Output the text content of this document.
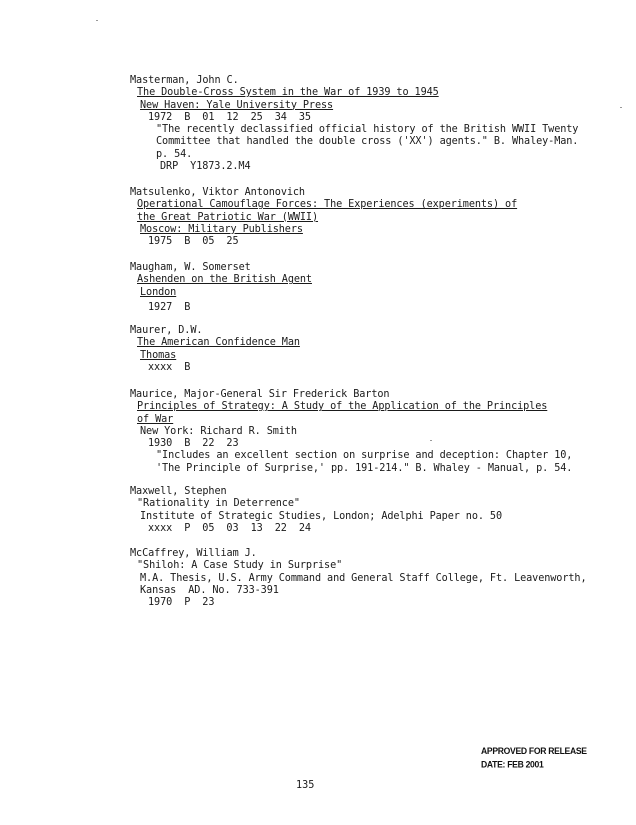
Masterman, John C.
The Double-Cross System in the War of 1939 to 1945
New Haven: Yale University Press
1972  B  01  12  25  34  35
"The recently declassified official history of the British WWII Twenty
Committee that handled the double cross ('XX') agents." B. Whaley-Man.
p. 54.
DRP  Y1873.2.M4
Matsulenko, Viktor Antonovich
Operational Camouflage Forces: The Experiences (experiments) of
the Great Patriotic War (WWII)
Moscow: Military Publishers
1975  B  05  25
Maugham, W. Somerset
Ashenden on the British Agent
London
1927  B
Maurer, D.W.
The American Confidence Man
Thomas
xxxx  B
Maurice, Major-General Sir Frederick Barton
Principles of Strategy: A Study of the Application of the Principles
of War
New York: Richard R. Smith
1930  B  22  23
"Includes an excellent section on surprise and deception: Chapter 10,
'The Principle of Surprise,' pp. 191-214." B. Whaley - Manual, p. 54.
Maxwell, Stephen
"Rationality in Deterrence"
Institute of Strategic Studies, London; Adelphi Paper no. 50
xxxx  P  05  03  13  22  24
McCaffrey, William J.
"Shiloh: A Case Study in Surprise"
M.A. Thesis, U.S. Army Command and General Staff College, Ft. Leavenworth,
Kansas  AD. No. 733-391
1970  P  23
APPROVED FOR RELEASE
DATE: FEB 2001
135
